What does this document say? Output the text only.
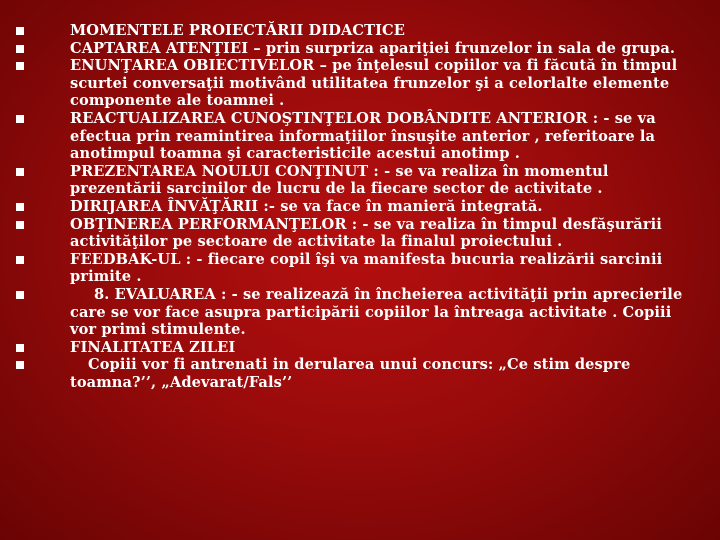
MOMENTELE PROIECTĂRII DIDACTICE
CAPTAREA ATENŢIEI – prin surpriza apariţiei frunzelor in sala de grupa.
ENUNŢAREA OBIECTIVELOR – pe înţelesul copiilor va fi făcută în timpul scurtei conversaţii motivând utilitatea frunzelor şi a celorlalte elemente componente ale toamnei .
REACTUALIZAREA CUNOŞTINŢELOR DOBÂNDITE ANTERIOR : - se va efectua prin reamintirea informaţiilor însuşite anterior , referitoare la anotimpul toamna şi caracteristicile acestui anotimp .
PREZENTAREA NOULUI CONŢINUT : - se va realiza în momentul prezentării sarcinilor de lucru de la fiecare sector de activitate .
DIRIJAREA ÎNVĂŢĂRII :- se va face în manieră integrată.
OBŢINEREA PERFORMANŢELOR : - se va realiza în timpul desfăşurării activităţilor pe sectoare de activitate la finalul proiectului .
FEEDBAK-UL : - fiecare copil îşi va manifesta bucuria realizării sarcinii primite .
8. EVALUAREA : - se realizează în încheierea activităţii prin aprecierile care se vor face asupra participării copiilor la întreaga activitate . Copiii vor primi stimulente.
FINALITATEA ZILEI
Copiii vor fi antrenati in derularea unui concurs: „Ce stim despre toamna?’’, „Adevarat/Fals’’
